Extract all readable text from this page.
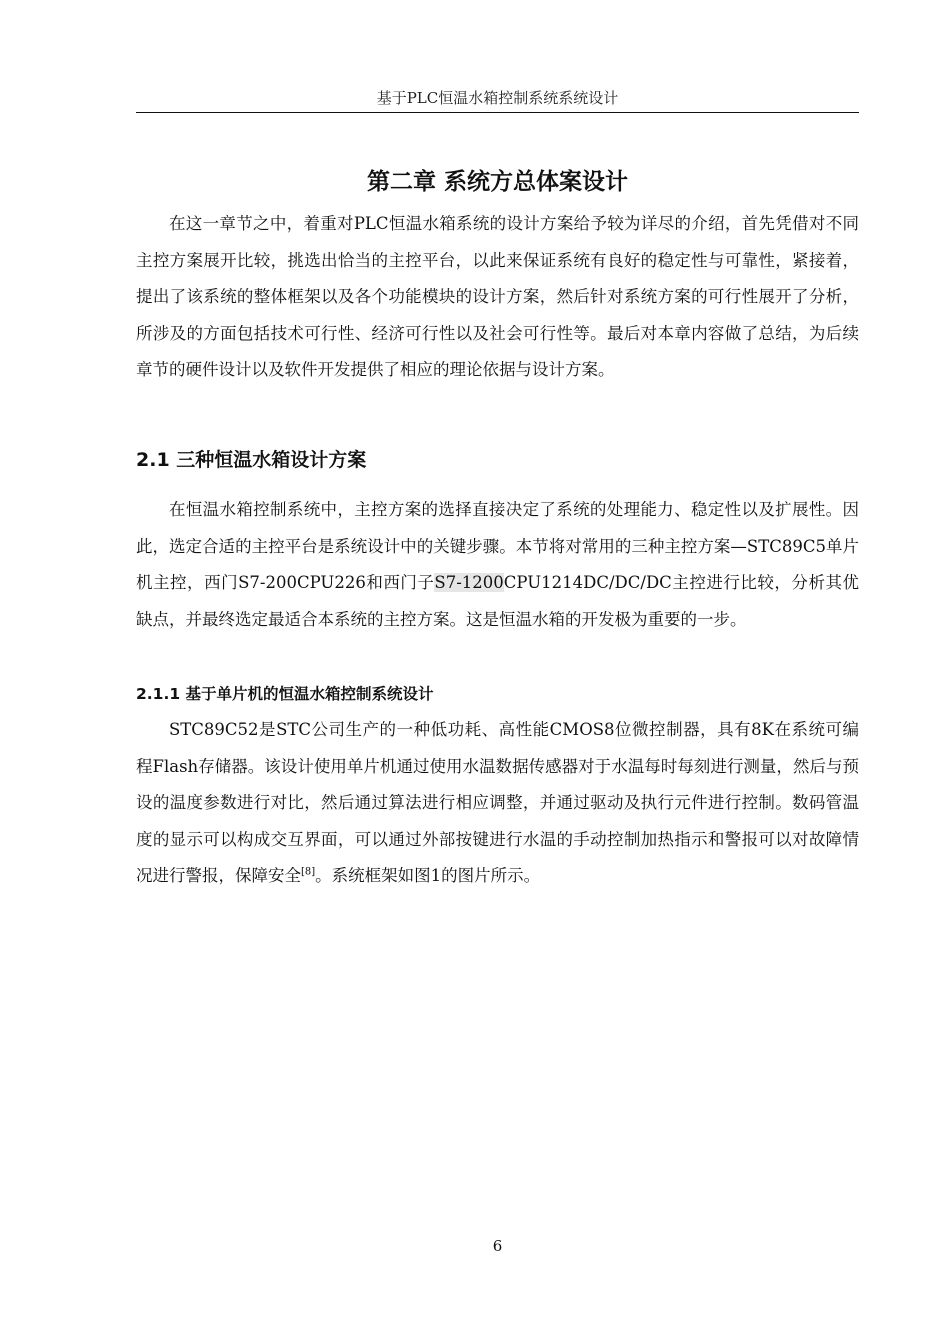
基于PLC恒温水箱控制系统系统设计
第二章 系统方总体案设计

在这一章节之中，着重对PLC恒温水箱系统的设计方案给予较为详尽的介绍，首先凭借对不同主控方案展开比较，挑选出恰当的主控平台，以此来保证系统有良好的稳定性与可靠性，紧接着，提出了该系统的整体框架以及各个功能模块的设计方案，然后针对系统方案的可行性展开了分析，所涉及的方面包括技术可行性、经济可行性以及社会可行性等。最后对本章内容做了总结，为后续章节的硬件设计以及软件开发提供了相应的理论依据与设计方案。

2.1 三种恒温水箱设计方案

在恒温水箱控制系统中，主控方案的选择直接决定了系统的处理能力、稳定性以及扩展性。因此，选定合适的主控平台是系统设计中的关键步骤。本节将对常用的三种主控方案—STC89C5单片机主控，西门S7-200CPU226和西门子S7-1200CPU1214DC/DC/DC主控进行比较，分析其优缺点，并最终选定最适合本系统的主控方案。这是恒温水箱的开发极为重要的一步。

2.1.1 基于单片机的恒温水箱控制系统设计

STC89C52是STC公司生产的一种低功耗、高性能CMOS8位微控制器，具有8K在系统可编程Flash存储器。该设计使用单片机通过使用水温数据传感器对于水温每时每刻进行测量，然后与预设的温度参数进行对比，然后通过算法进行相应调整，并通过驱动及执行元件进行控制。数码管温度的显示可以构成交互界面，可以通过外部按键进行水温的手动控制加热指示和警报可以对故障情况进行警报，保障安全[8]。系统框架如图1的图片所示。

6
